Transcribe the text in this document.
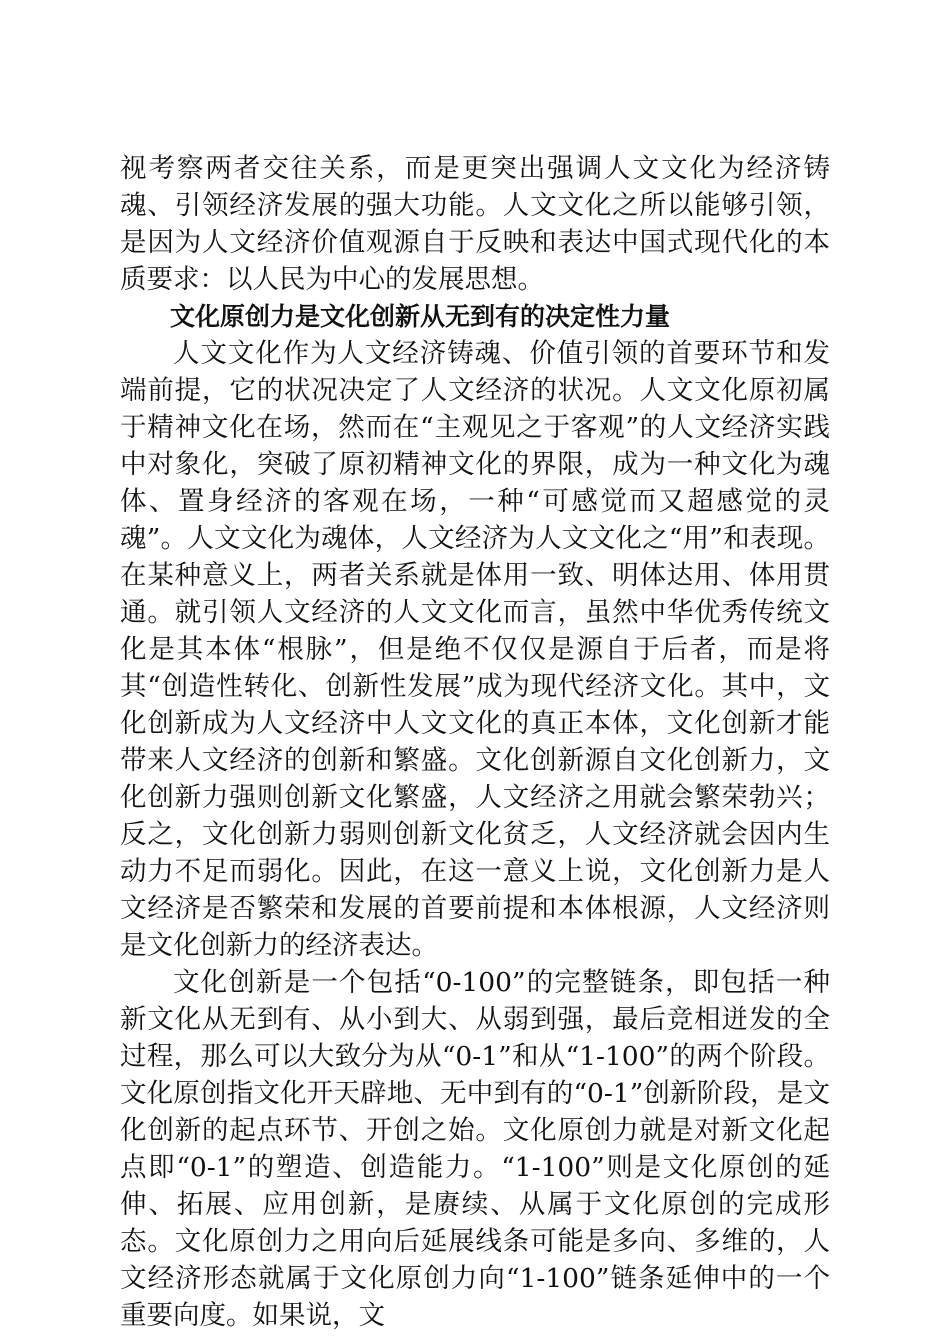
视考察两者交往关系，而是更突出强调人文文化为经济铸魂、引领经济发展的强大功能。人文文化之所以能够引领，是因为人文经济价值观源自于反映和表达中国式现代化的本质要求：以人民为中心的发展思想。

文化原创力是文化创新从无到有的决定性力量

人文文化作为人文经济铸魂、价值引领的首要环节和发端前提，它的状况决定了人文经济的状况。人文文化原初属于精神文化在场，然而在“主观见之于客观”的人文经济实践中对象化，突破了原初精神文化的界限，成为一种文化为魂体、置身经济的客观在场，一种“可感觉而又超感觉的灵魂”。人文文化为魂体，人文经济为人文文化之“用”和表现。在某种意义上，两者关系就是体用一致、明体达用、体用贯通。就引领人文经济的人文文化而言，虽然中华优秀传统文化是其本体“根脉”，但是绝不仅仅是源自于后者，而是将其“创造性转化、创新性发展”成为现代经济文化。其中，文化创新成为人文经济中人文文化的真正本体，文化创新才能带来人文经济的创新和繁盛。文化创新源自文化创新力，文化创新力强则创新文化繁盛，人文经济之用就会繁荣勃兴；反之，文化创新力弱则创新文化贫乏，人文经济就会因内生动力不足而弱化。因此，在这一意义上说，文化创新力是人文经济是否繁荣和发展的首要前提和本体根源，人文经济则是文化创新力的经济表达。

文化创新是一个包括“0-100”的完整链条，即包括一种新文化从无到有、从小到大、从弱到强，最后竞相迸发的全过程，那么可以大致分为从“0-1”和从“1-100”的两个阶段。文化原创指文化开天辟地、无中到有的“0-1”创新阶段，是文化创新的起点环节、开创之始。文化原创力就是对新文化起点即“0-1”的塑造、创造能力。“1-100”则是文化原创的延伸、拓展、应用创新，是赓续、从属于文化原创的完成形态。文化原创力之用向后延展线条可能是多向、多维的，人文经济形态就属于文化原创力向“1-100”链条延伸中的一个重要向度。如果说，文
